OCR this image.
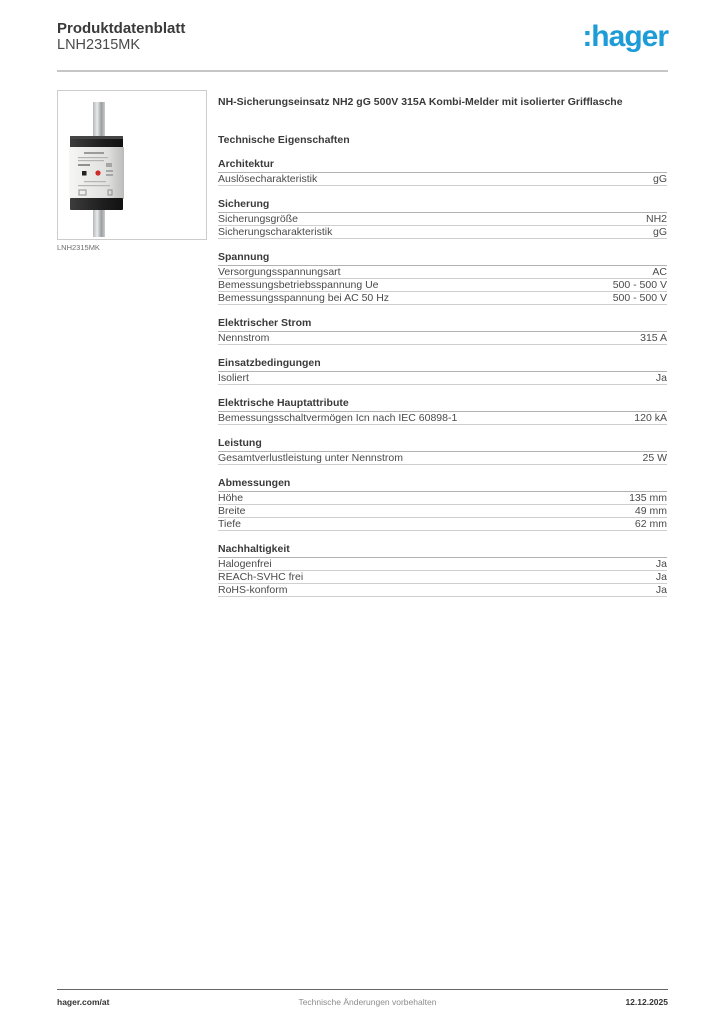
Produktdatenblatt
LNH2315MK	:hager
LNH2315MK
NH-Sicherungseinsatz NH2 gG 500V 315A Kombi-Melder mit isolierter Grifflasche
Technische Eigenschaften
Architektur
Auslösecharakteristik	gG
Sicherung
Sicherungsgröße	NH2
Sicherungscharakteristik	gG
Spannung
Versorgungsspannungsart	AC
Bemessungsbetriebsspannung Ue	500 - 500 V
Bemessungsspannung bei AC 50 Hz	500 - 500 V
Elektrischer Strom
Nennstrom	315 A
Einsatzbedingungen
Isoliert	Ja
Elektrische Hauptattribute
Bemessungsschaltvermögen Icn nach IEC 60898-1	120 kA
Leistung
Gesamtverlustleistung unter Nennstrom	25 W
Abmessungen
Höhe	135 mm
Breite	49 mm
Tiefe	62 mm
Nachhaltigkeit
Halogenfrei	Ja
REACh-SVHC frei	Ja
RoHS-konform	Ja
hager.com/at	Technische Änderungen vorbehalten	12.12.2025
